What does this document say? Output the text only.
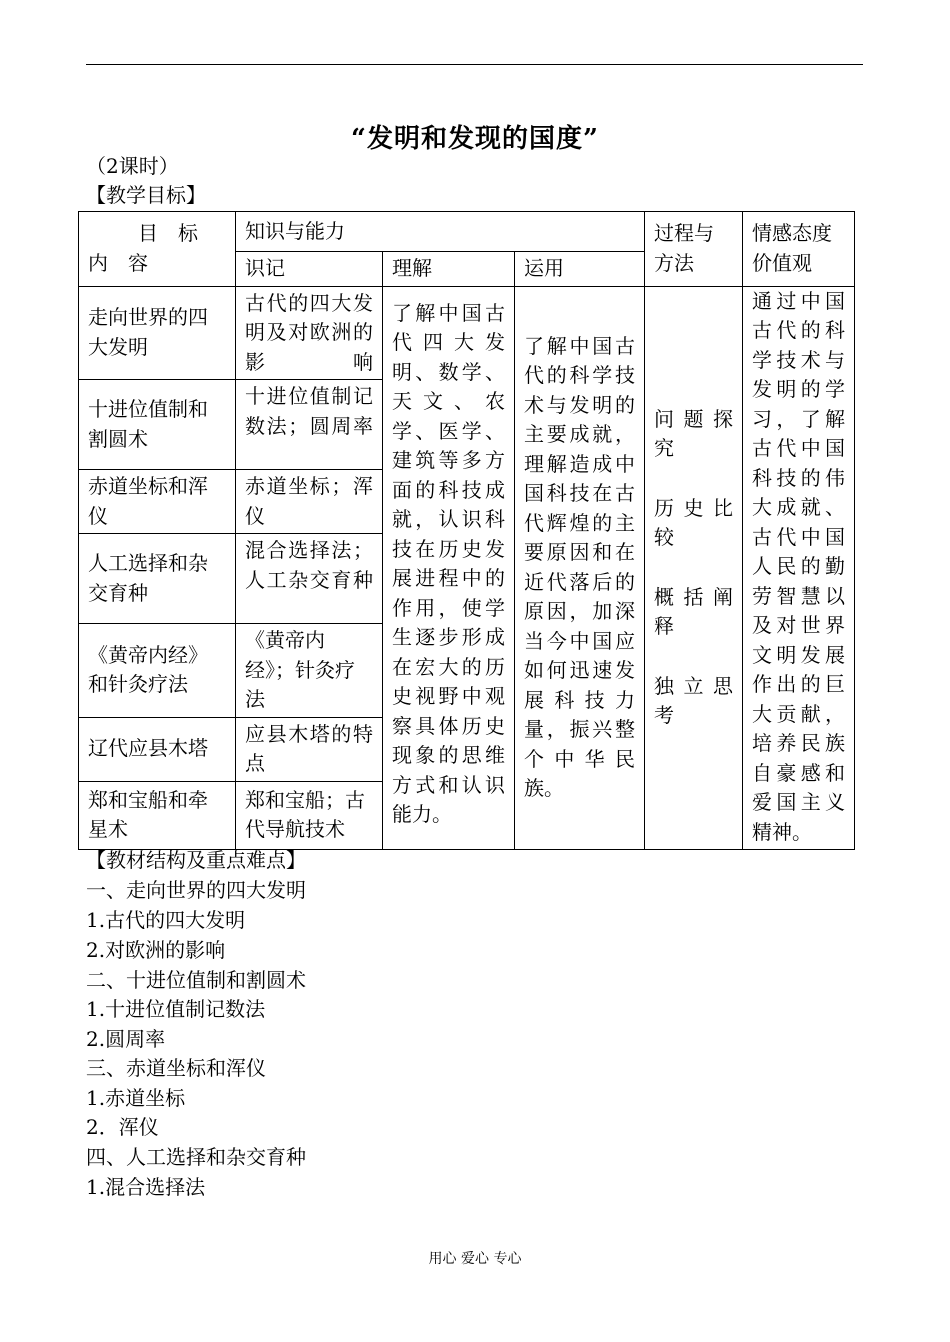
“发明和发现的国度”
（2课时）
【教学目标】
目　标
内　容	知识与能力			过程与方法	情感态度价值观
	识记	理解	运用		
走向世界的四大发明	古代的四大发明及对欧洲的影响	了解中国古代四大发明、数学、天文、农学、医学、建筑等多方面的科技成就，认识科技在历史发展进程中的作用，使学生逐步形成在宏大的历史视野中观察具体历史现象的思维方式和认识能力。	了解中国古代的科学技术与发明的主要成就，理解造成中国科技在古代辉煌的主要原因和在近代落后的原因，加深当今中国应如何迅速发展科技力量，振兴整个中华民族。	问题探究
历史比较
概括阐释
独立思考	通过中国古代的科学技术与发明的学习，了解古代中国科技的伟大成就、古代中国人民的勤劳智慧以及对世界文明发展作出的巨大贡献，培养民族自豪感和爱国主义精神。
十进位值制和割圆术	十进位值制记数法；圆周率				
赤道坐标和浑仪	赤道坐标；浑仪				
人工选择和杂交育种	混合选择法；人工杂交育种				
《黄帝内经》和针灸疗法	《黄帝内经》；针灸疗法				
辽代应县木塔	应县木塔的特点				
郑和宝船和牵星术	郑和宝船；古代导航技术				
【教材结构及重点难点】
一、走向世界的四大发明
1.古代的四大发明
2.对欧洲的影响
二、十进位值制和割圆术
1.十进位值制记数法
2.圆周率
三、赤道坐标和浑仪
1.赤道坐标
2．浑仪
四、人工选择和杂交育种
1.混合选择法
用心 爱心 专心
